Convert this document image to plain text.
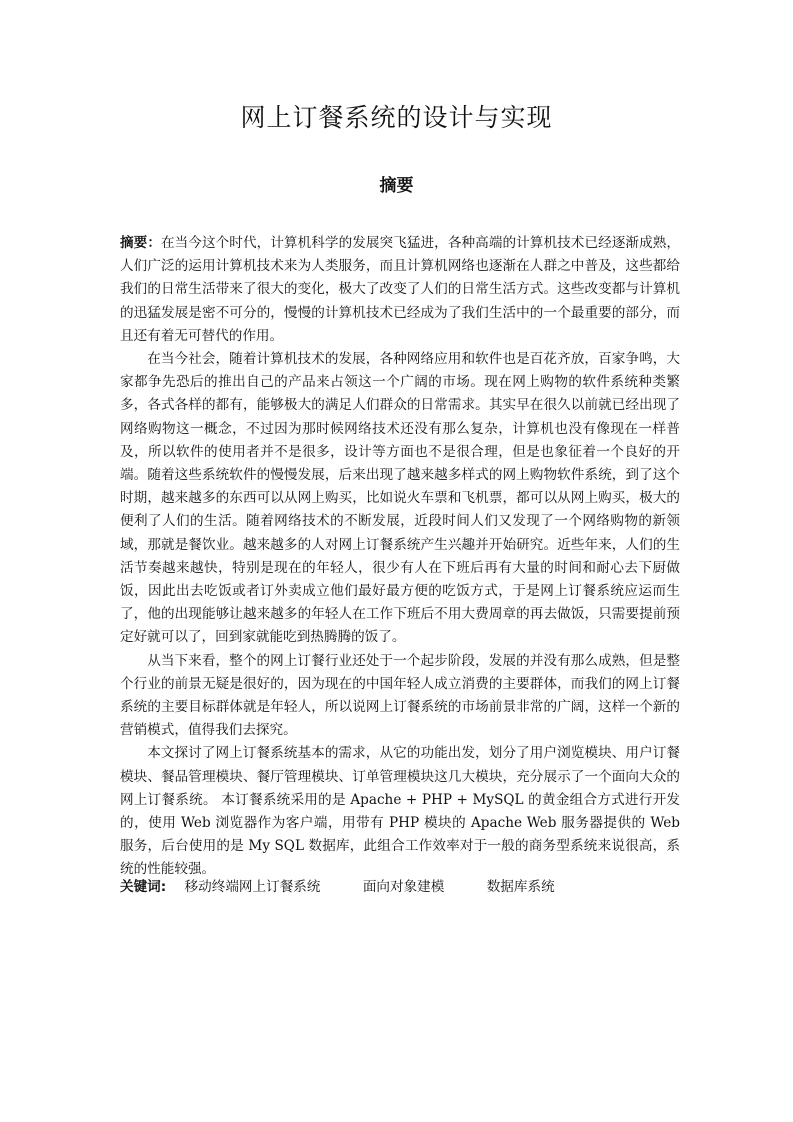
网上订餐系统的设计与实现
摘要

摘要：在当今这个时代，计算机科学的发展突飞猛进，各种高端的计算机技术已经逐渐成熟，人们广泛的运用计算机技术来为人类服务，而且计算机网络也逐渐在人群之中普及，这些都给我们的日常生活带来了很大的变化，极大了改变了人们的日常生活方式。这些改变都与计算机的迅猛发展是密不可分的，慢慢的计算机技术已经成为了我们生活中的一个最重要的部分，而且还有着无可替代的作用。

在当今社会，随着计算机技术的发展，各种网络应用和软件也是百花齐放，百家争鸣，大家都争先恐后的推出自己的产品来占领这一个广阔的市场。现在网上购物的软件系统种类繁多，各式各样的都有，能够极大的满足人们群众的日常需求。其实早在很久以前就已经出现了网络购物这一概念，不过因为那时候网络技术还没有那么复杂，计算机也没有像现在一样普及，所以软件的使用者并不是很多，设计等方面也不是很合理，但是也象征着一个良好的开端。随着这些系统软件的慢慢发展，后来出现了越来越多样式的网上购物软件系统，到了这个时期，越来越多的东西可以从网上购买，比如说火车票和飞机票，都可以从网上购买，极大的便利了人们的生活。随着网络技术的不断发展，近段时间人们又发现了一个网络购物的新领域，那就是餐饮业。越来越多的人对网上订餐系统产生兴趣并开始研究。近些年来，人们的生活节奏越来越快，特别是现在的年轻人，很少有人在下班后再有大量的时间和耐心去下厨做饭，因此出去吃饭或者订外卖成立他们最好最方便的吃饭方式，于是网上订餐系统应运而生了，他的出现能够让越来越多的年轻人在工作下班后不用大费周章的再去做饭，只需要提前预定好就可以了，回到家就能吃到热腾腾的饭了。

从当下来看，整个的网上订餐行业还处于一个起步阶段，发展的并没有那么成熟，但是整个行业的前景无疑是很好的，因为现在的中国年轻人成立消费的主要群体，而我们的网上订餐系统的主要目标群体就是年轻人，所以说网上订餐系统的市场前景非常的广阔，这样一个新的营销模式，值得我们去探究。

本文探讨了网上订餐系统基本的需求，从它的功能出发，划分了用户浏览模块、用户订餐模块、餐品管理模块、餐厅管理模块、订单管理模块这几大模块，充分展示了一个面向大众的网上订餐系统。 本订餐系统采用的是 Apache + PHP + MySQL 的黄金组合方式进行开发的，使用 Web 浏览器作为客户端，用带有 PHP 模块的 Apache Web 服务器提供的 Web 服务，后台使用的是 My SQL 数据库，此组合工作效率对于一般的商务型系统来说很高，系统的性能较强。

关键词: 移动终端网上订餐系统	面向对象建模	数据库系统
